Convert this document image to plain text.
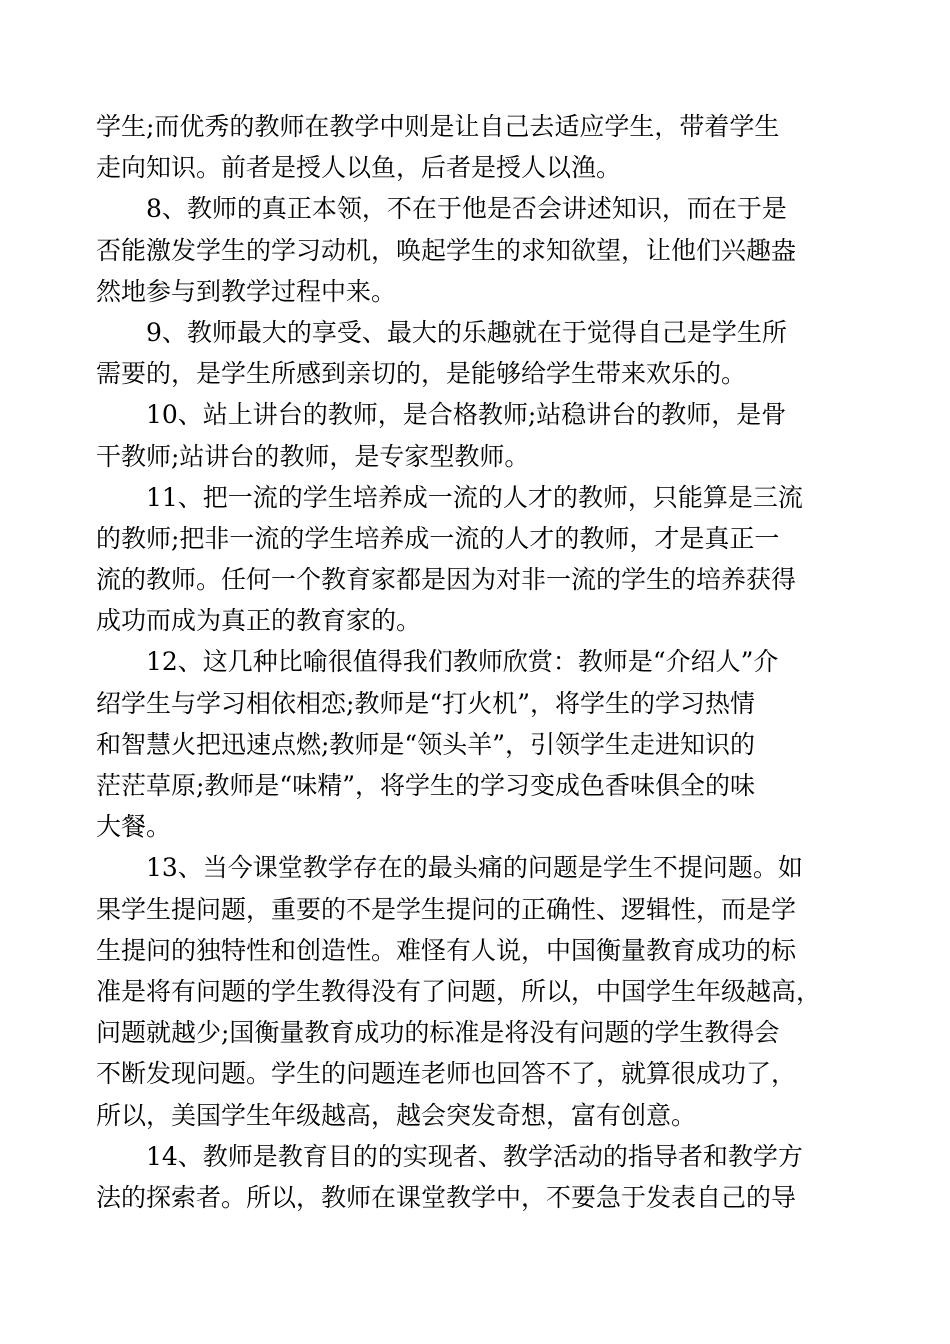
学生;而优秀的教师在教学中则是让自己去适应学生，带着学生
走向知识。前者是授人以鱼，后者是授人以渔。
8、教师的真正本领，不在于他是否会讲述知识，而在于是
否能激发学生的学习动机，唤起学生的求知欲望，让他们兴趣盎
然地参与到教学过程中来。
9、教师最大的享受、最大的乐趣就在于觉得自己是学生所
需要的，是学生所感到亲切的，是能够给学生带来欢乐的。
10、站上讲台的教师，是合格教师;站稳讲台的教师，是骨
干教师;站讲台的教师，是专家型教师。
11、把一流的学生培养成一流的人才的教师，只能算是三流
的教师;把非一流的学生培养成一流的人才的教师，才是真正一
流的教师。任何一个教育家都是因为对非一流的学生的培养获得
成功而成为真正的教育家的。
12、这几种比喻很值得我们教师欣赏：教师是“介绍人”介
绍学生与学习相依相恋;教师是“打火机”，将学生的学习热情
和智慧火把迅速点燃;教师是“领头羊”，引领学生走进知识的
茫茫草原;教师是“味精”，将学生的学习变成色香味俱全的味
大餐。
13、当今课堂教学存在的最头痛的问题是学生不提问题。如
果学生提问题，重要的不是学生提问的正确性、逻辑性，而是学
生提问的独特性和创造性。难怪有人说，中国衡量教育成功的标
准是将有问题的学生教得没有了问题，所以，中国学生年级越高，
问题就越少;国衡量教育成功的标准是将没有问题的学生教得会
不断发现问题。学生的问题连老师也回答不了，就算很成功了，
所以，美国学生年级越高，越会突发奇想，富有创意。
14、教师是教育目的的实现者、教学活动的指导者和教学方
法的探索者。所以，教师在课堂教学中，不要急于发表自己的导
